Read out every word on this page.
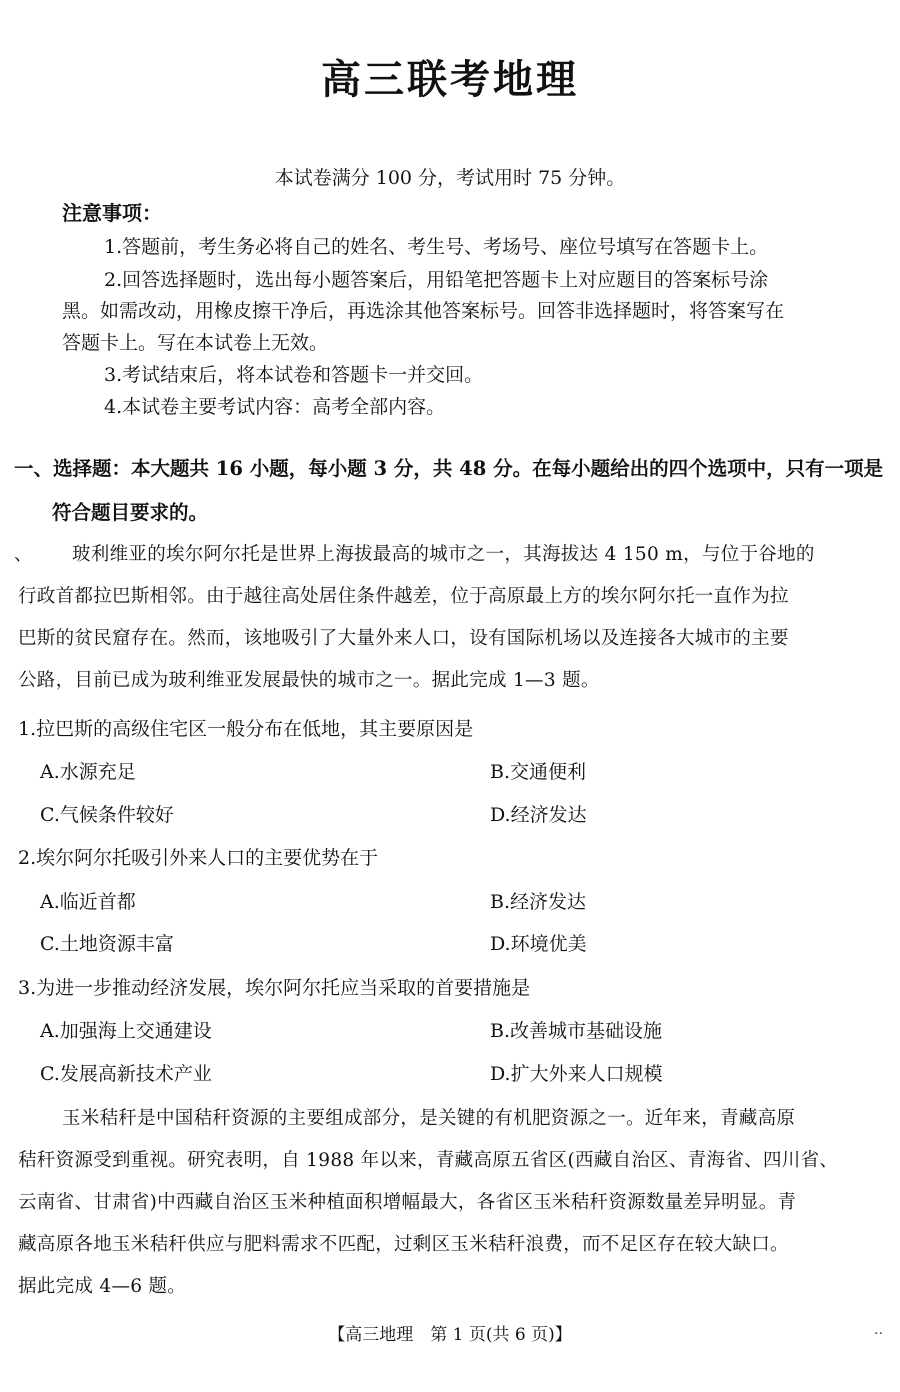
高三联考地理
本试卷满分 100 分，考试用时 75 分钟。
注意事项：
1.答题前，考生务必将自己的姓名、考生号、考场号、座位号填写在答题卡上。
2.回答选择题时，选出每小题答案后，用铅笔把答题卡上对应题目的答案标号涂
黑。如需改动，用橡皮擦干净后，再选涂其他答案标号。回答非选择题时，将答案写在
答题卡上。写在本试卷上无效。
3.考试结束后，将本试卷和答题卡一并交回。
4.本试卷主要考试内容：高考全部内容。
一、选择题：本大题共 16 小题，每小题 3 分，共 48 分。在每小题给出的四个选项中，只有一项是
符合题目要求的。
、 玻利维亚的埃尔阿尔托是世界上海拔最高的城市之一，其海拔达 4 150 m，与位于谷地的
行政首都拉巴斯相邻。由于越往高处居住条件越差，位于高原最上方的埃尔阿尔托一直作为拉
巴斯的贫民窟存在。然而，该地吸引了大量外来人口，设有国际机场以及连接各大城市的主要
公路，目前已成为玻利维亚发展最快的城市之一。据此完成 1—3 题。
1.拉巴斯的高级住宅区一般分布在低地，其主要原因是
A.水源充足	B.交通便利
C.气候条件较好	D.经济发达
2.埃尔阿尔托吸引外来人口的主要优势在于
A.临近首都	B.经济发达
C.土地资源丰富	D.环境优美
3.为进一步推动经济发展，埃尔阿尔托应当采取的首要措施是
A.加强海上交通建设	B.改善城市基础设施
C.发展高新技术产业	D.扩大外来人口规模
玉米秸秆是中国秸秆资源的主要组成部分，是关键的有机肥资源之一。近年来，青藏高原
秸秆资源受到重视。研究表明，自 1988 年以来，青藏高原五省区(西藏自治区、青海省、四川省、
云南省、甘肃省)中西藏自治区玉米种植面积增幅最大，各省区玉米秸秆资源数量差异明显。青
藏高原各地玉米秸秆供应与肥料需求不匹配，过剩区玉米秸秆浪费，而不足区存在较大缺口。
据此完成 4—6 题。
【高三地理　第 1 页(共 6 页)】	..
